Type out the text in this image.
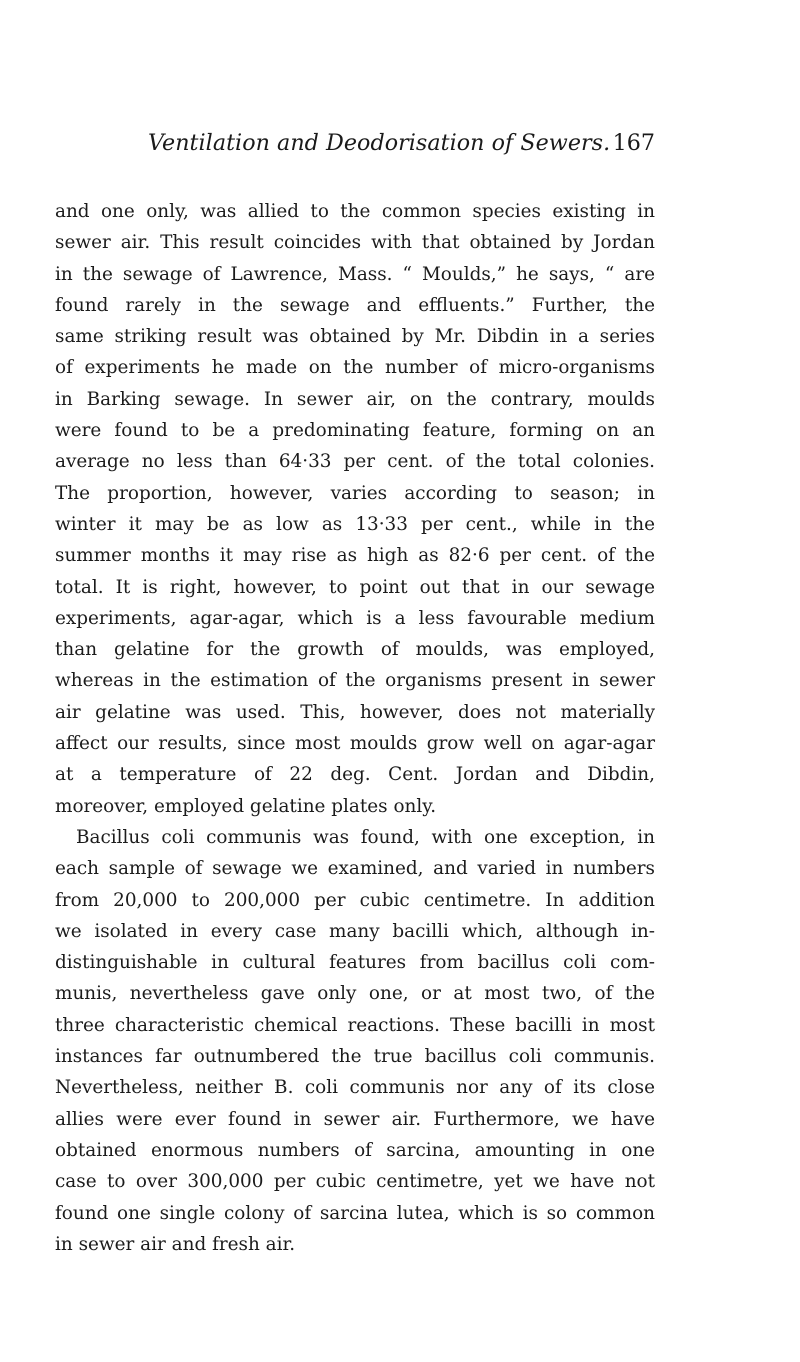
Ventilation and Deodorisation of Sewers. 167
and one only, was allied to the common species existing in
sewer air. This result coincides with that obtained by Jordan
in the sewage of Lawrence, Mass. “ Moulds,” he says, “ are
found rarely in the sewage and effluents.” Further, the
same striking result was obtained by Mr. Dibdin in a series
of experiments he made on the number of micro-organisms
in Barking sewage. In sewer air, on the contrary, moulds
were found to be a predominating feature, forming on an
average no less than 64·33 per cent. of the total colonies.
The proportion, however, varies according to season; in
winter it may be as low as 13·33 per cent., while in the
summer months it may rise as high as 82·6 per cent. of the
total. It is right, however, to point out that in our sewage
experiments, agar-agar, which is a less favourable medium
than gelatine for the growth of moulds, was employed,
whereas in the estimation of the organisms present in sewer
air gelatine was used. This, however, does not materially
affect our results, since most moulds grow well on agar-agar
at a temperature of 22 deg. Cent. Jordan and Dibdin,
moreover, employed gelatine plates only.
Bacillus coli communis was found, with one exception, in
each sample of sewage we examined, and varied in numbers
from 20,000 to 200,000 per cubic centimetre. In addition
we isolated in every case many bacilli which, although in-
distinguishable in cultural features from bacillus coli com-
munis, nevertheless gave only one, or at most two, of the
three characteristic chemical reactions. These bacilli in most
instances far outnumbered the true bacillus coli communis.
Nevertheless, neither B. coli communis nor any of its close
allies were ever found in sewer air. Furthermore, we have
obtained enormous numbers of sarcina, amounting in one
case to over 300,000 per cubic centimetre, yet we have not
found one single colony of sarcina lutea, which is so common
in sewer air and fresh air.
